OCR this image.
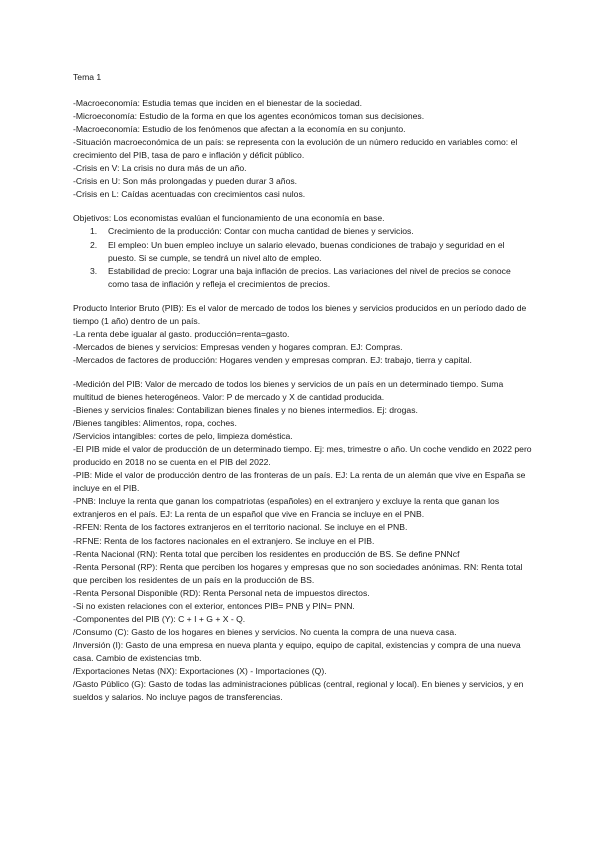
Tema 1

-Macroeconomía: Estudia temas que inciden en el bienestar de la sociedad.

-Microeconomía: Estudio de la forma en que los agentes económicos toman sus decisiones.

-Macroeconomía: Estudio de los fenómenos que afectan a la economía en su conjunto.

-Situación macroeconómica de un país: se representa con la evolución de un número reducido en variables como: el crecimiento del PIB, tasa de paro e inflación y déficit público.

-Crisis en V: La crisis no dura más de un año.

-Crisis en U: Son más prolongadas y pueden durar 3 años.

-Crisis en L: Caídas acentuadas con crecimientos casi nulos.

Objetivos: Los economistas evalúan el funcionamiento de una economía en base.

1. Crecimiento de la producción: Contar con mucha cantidad de bienes y servicios.
2. El empleo: Un buen empleo incluye un salario elevado, buenas condiciones de trabajo y seguridad en el puesto. Si se cumple, se tendrá un nivel alto de empleo.
3. Estabilidad de precio: Lograr una baja inflación de precios. Las variaciones del nivel de precios se conoce como tasa de inflación y refleja el crecimientos de precios.

Producto Interior Bruto (PIB): Es el valor de mercado de todos los bienes y servicios producidos en un período dado de tiempo (1 año) dentro de un país.

-La renta debe igualar al gasto. producción=renta=gasto.

-Mercados de bienes y servicios: Empresas venden y hogares compran. EJ: Compras.

-Mercados de factores de producción: Hogares venden y empresas compran. EJ: trabajo, tierra y capital.

-Medición del PIB: Valor de mercado de todos los bienes y servicios de un país en un determinado tiempo. Suma multitud de bienes heterogéneos. Valor: P de mercado y X de cantidad producida.

-Bienes y servicios finales: Contabilizan bienes finales y no bienes intermedios. Ej: drogas.

/Bienes tangibles: Alimentos, ropa, coches.

/Servicios intangibles: cortes de pelo, limpieza doméstica.

-El PIB mide el valor de producción de un determinado tiempo. Ej: mes, trimestre o año. Un coche vendido en 2022 pero producido en 2018 no se cuenta en el PIB del 2022.

-PIB: Mide el valor de producción dentro de las fronteras de un país. EJ: La renta de un alemán que vive en España se incluye en el PIB.

-PNB: Incluye la renta que ganan los compatriotas (españoles) en el extranjero y excluye la renta que ganan los extranjeros en el país. EJ: La renta de un español que vive en Francia se incluye en el PNB.

-RFEN: Renta de los factores extranjeros en el territorio nacional. Se incluye en el PNB.

-RFNE: Renta de los factores nacionales en el extranjero. Se incluye en el PIB.

-Renta Nacional (RN): Renta total que perciben los residentes en producción de BS. Se define PNNcf

-Renta Personal (RP): Renta que perciben los hogares y empresas que no son sociedades anónimas. RN: Renta total que perciben los residentes de un país en la producción de BS.

-Renta Personal Disponible (RD): Renta Personal neta de impuestos directos.

-Si no existen relaciones con el exterior, entonces PIB= PNB y PIN= PNN.

-Componentes del PIB (Y): C + I + G + X - Q.

/Consumo (C): Gasto de los hogares en bienes y servicios. No cuenta la compra de una nueva casa.

/Inversión (I): Gasto de una empresa en nueva planta y equipo, equipo de capital, existencias y compra de una nueva casa. Cambio de existencias tmb.

/Exportaciones Netas (NX): Exportaciones (X) - Importaciones (Q).

/Gasto Público (G): Gasto de todas las administraciones públicas (central, regional y local). En bienes y servicios, y en sueldos y salarios. No incluye pagos de transferencias.
